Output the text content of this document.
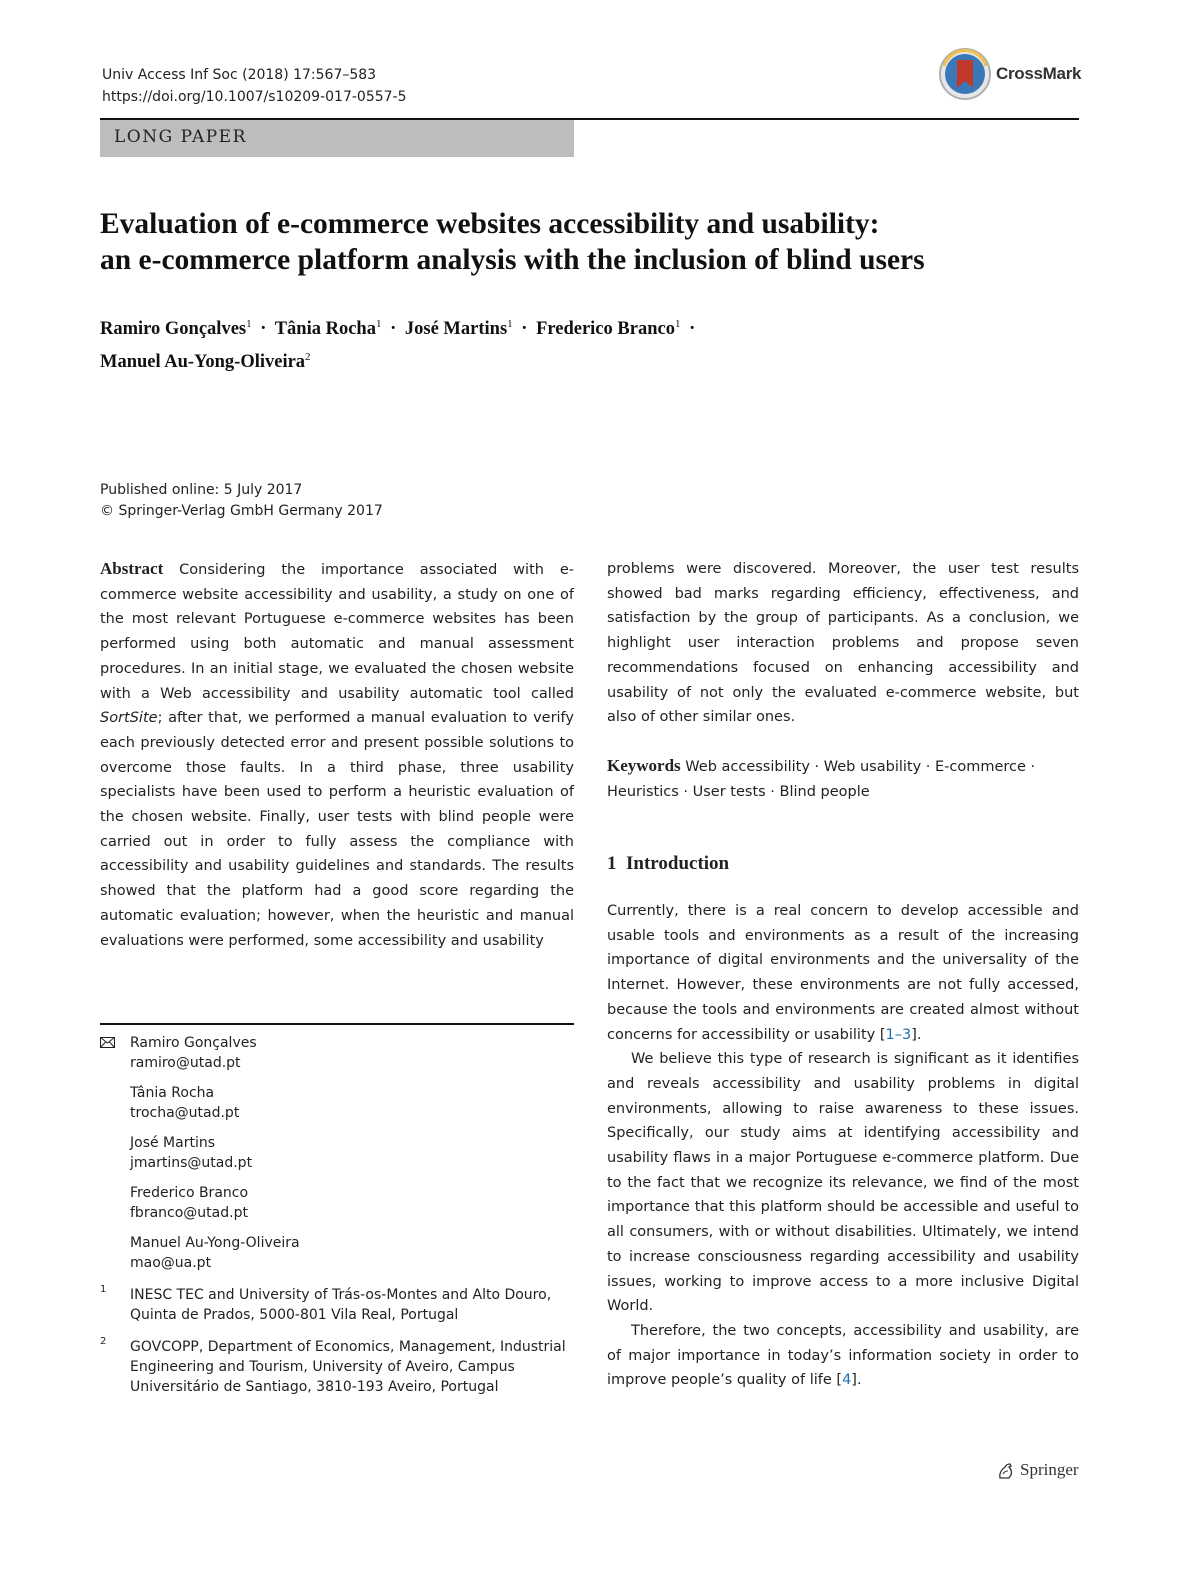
Univ Access Inf Soc (2018) 17:567–583
https://doi.org/10.1007/s10209-017-0557-5
CrossMark
LONG PAPER
Evaluation of e-commerce websites accessibility and usability:
an e-commerce platform analysis with the inclusion of blind users
Ramiro Gonçalves$^1$ · Tânia Rocha$^1$ · José Martins$^1$ · Frederico Branco$^1$ ·
Manuel Au-Yong-Oliveira$^2$
Published online: 5 July 2017
© Springer-Verlag GmbH Germany 2017

Abstract Considering the importance associated with e-commerce website accessibility and usability, a study on one of the most relevant Portuguese e-commerce websites has been performed using both automatic and manual assessment procedures. In an initial stage, we evaluated the chosen website with a Web accessibility and usability automatic tool called SortSite; after that, we performed a manual evaluation to verify each previously detected error and present possible solutions to overcome those faults. In a third phase, three usability specialists have been used to perform a heuristic evaluation of the chosen website. Finally, user tests with blind people were carried out in order to fully assess the compliance with accessibility and usability guidelines and standards. The results showed that the platform had a good score regarding the automatic evaluation; however, when the heuristic and manual evaluations were performed, some accessibility and usability

Ramiro Gonçalves
ramiro@utad.pt
Tânia Rocha
trocha@utad.pt
José Martins
jmartins@utad.pt
Frederico Branco
fbranco@utad.pt
Manuel Au-Yong-Oliveira
mao@ua.pt
1 INESC TEC and University of Trás-os-Montes and Alto Douro, Quinta de Prados, 5000-801 Vila Real, Portugal
2 GOVCOPP, Department of Economics, Management, Industrial Engineering and Tourism, University of Aveiro, Campus Universitário de Santiago, 3810-193 Aveiro, Portugal

problems were discovered. Moreover, the user test results showed bad marks regarding efficiency, effectiveness, and satisfaction by the group of participants. As a conclusion, we highlight user interaction problems and propose seven recommendations focused on enhancing accessibility and usability of not only the evaluated e-commerce website, but also of other similar ones.

Keywords Web accessibility · Web usability · E-commerce · Heuristics · User tests · Blind people

1 Introduction

Currently, there is a real concern to develop accessible and usable tools and environments as a result of the increasing importance of digital environments and the universality of the Internet. However, these environments are not fully accessed, because the tools and environments are created almost without concerns for accessibility or usability [1–3].

We believe this type of research is significant as it identifies and reveals accessibility and usability problems in digital environments, allowing to raise awareness to these issues. Specifically, our study aims at identifying accessibility and usability flaws in a major Portuguese e-commerce platform. Due to the fact that we recognize its relevance, we find of the most importance that this platform should be accessible and useful to all consumers, with or without disabilities. Ultimately, we intend to increase consciousness regarding accessibility and usability issues, working to improve access to a more inclusive Digital World.

Therefore, the two concepts, accessibility and usability, are of major importance in today’s information society in order to improve people’s quality of life [4].

Springer
